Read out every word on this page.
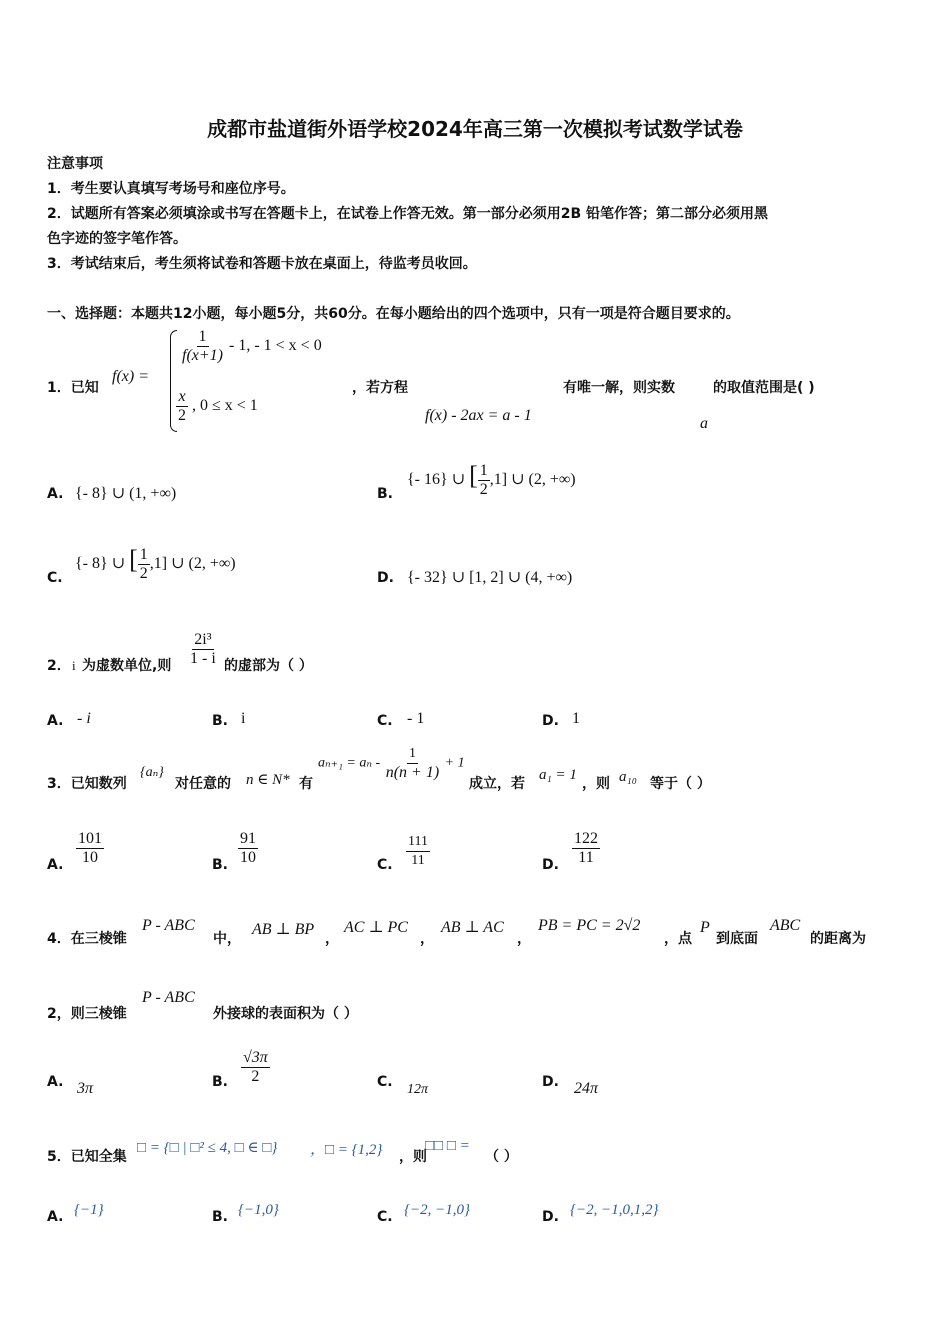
成都市盐道街外语学校2024年高三第一次模拟考试数学试卷
注意事项
1．考生要认真填写考场号和座位序号。
2．试题所有答案必须填涂或书写在答题卡上，在试卷上作答无效。第一部分必须用2B 铅笔作答；第二部分必须用黑
色字迹的签字笔作答。
3．考试结束后，考生须将试卷和答题卡放在桌面上，待监考员收回。
一、选择题：本题共12小题，每小题5分，共60分。在每小题给出的四个选项中，只有一项是符合题目要求的。
1．已知
f(x) =
$\frac{1}{f(x+1)} - 1$, - 1 < x < 0
$\frac{x}{2}$ , 0 ≤ x < 1
，若方程
f(x) - 2ax = a - 1
有唯一解，则实数	的取值范围是( )
a
A. {- 8} ∪ (1, +∞)	B.
{- 16} ∪ [ $\frac{1}{2} ,1$] ∪ (2, +∞)
C.
{- 8} ∪ [ $\frac{1}{2} ,1$] ∪ (2, +∞)
D. {- 32} ∪ [1, 2] ∪ (4, +∞)
2． i 为虚数单位,则 $\frac{\text{2i³}}{1 - i}$ 的虚部为（ ）
A. - i	B. i	C. - 1	D. 1
3．已知数列
{aₙ}
对任意的 n ∈ N* 有
$a_{n+1} = a_n - \frac{1}{n(n + 1)} + 1$
成立，若
a₁ = 1
，则 a₁₀ 等于（ ）
A. $\frac{101}{10}$	B. $\frac{91}{10}$	C. $\frac{111}{11}$	D. $\frac{122}{11}$
4．在三棱锥
P - ABC
中，
AB ⊥ BP
，
AC ⊥ PC
，
AB ⊥ AC
，
PB = PC = 2√2
，点
P
到底面
ABC
的距离为
2，则三棱锥
P - ABC
外接球的表面积为（ ）
A. 3π	B. $\frac{√3\pi}{2}$	C. 12π	D. 24π
5．已知全集
□ = {□ | □² ≤ 4, □ ∈ □} ，□ = {1,2} ，则
□□ □ =
（ ）
A. {−1}	B. {−1,0}	C. {−2, −1,0}	D. {−2, −1,0,1,2}
